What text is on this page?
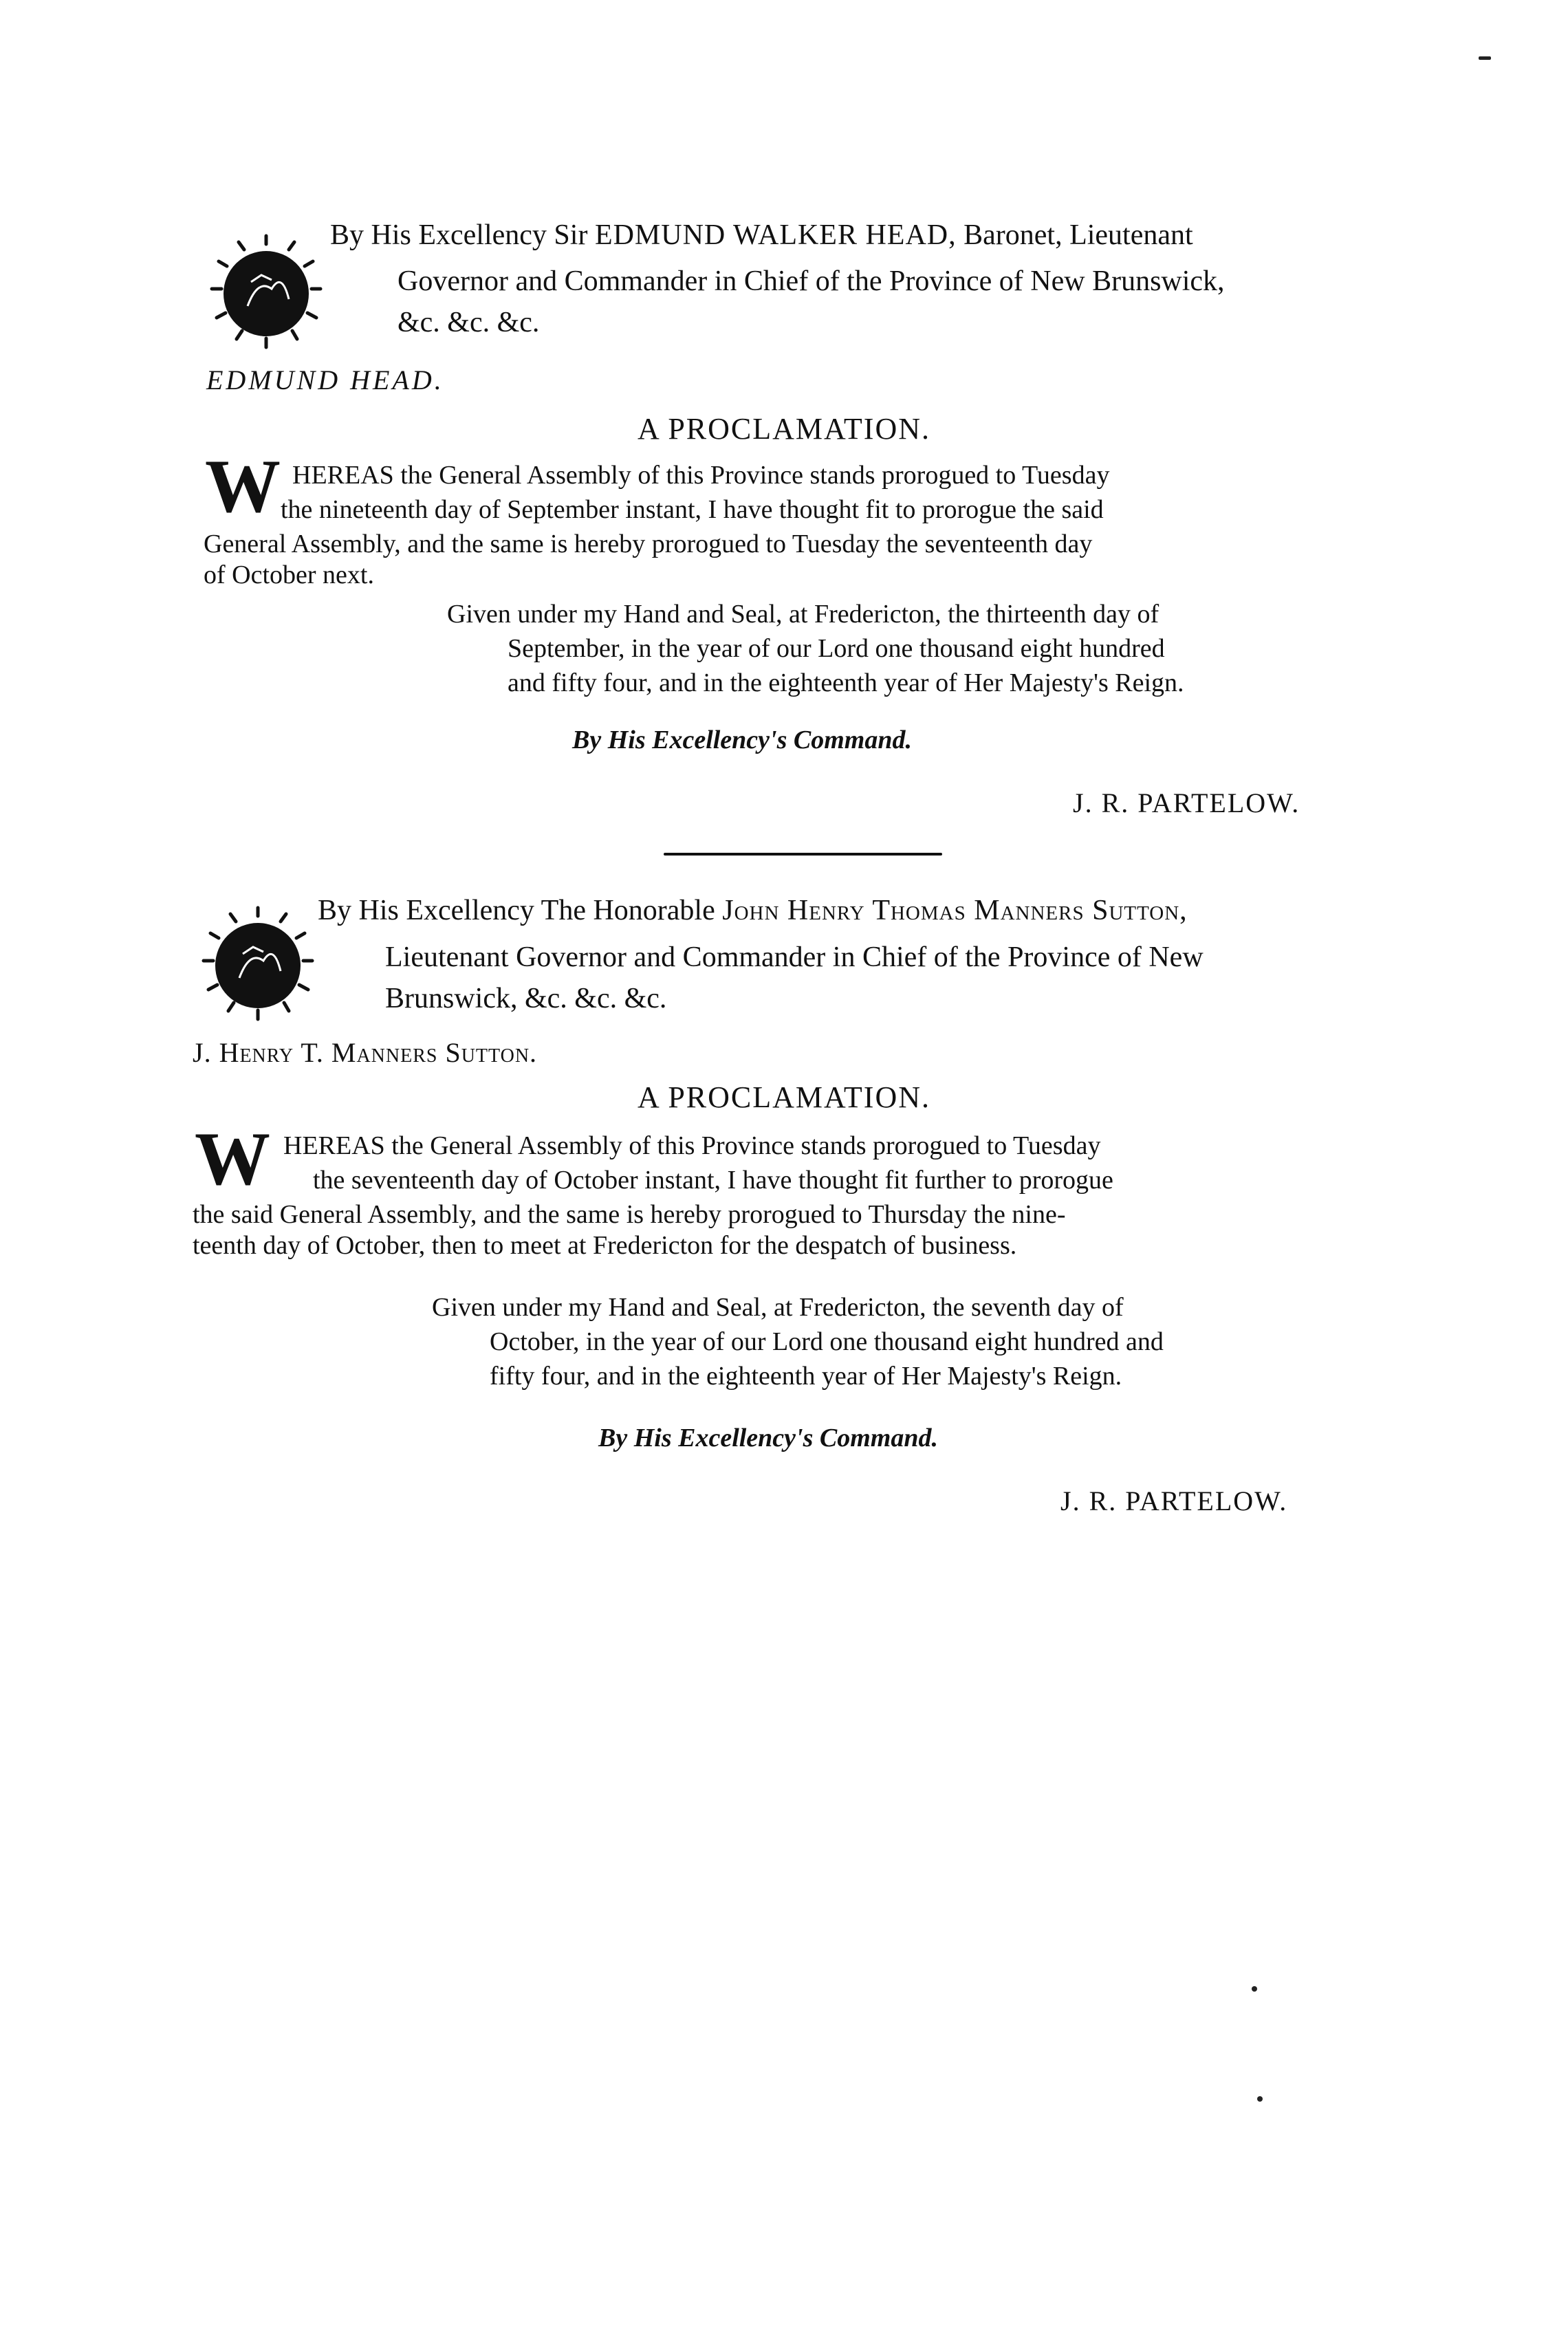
By His Excellency Sir EDMUND WALKER HEAD, Baronet, Lieutenant
Governor and Commander in Chief of the Province of New Brunswick,
&c. &c. &c.
EDMUND HEAD.
A PROCLAMATION.
W HEREAS the General Assembly of this Province stands prorogued to Tuesday
the nineteenth day of September instant, I have thought fit to prorogue the said
General Assembly, and the same is hereby prorogued to Tuesday the seventeenth day
of October next.
Given under my Hand and Seal, at Fredericton, the thirteenth day of
September, in the year of our Lord one thousand eight hundred
and fifty four, and in the eighteenth year of Her Majesty's Reign.
By His Excellency's Command.
J. R. PARTELOW.
By His Excellency The Honorable John Henry Thomas Manners Sutton,
Lieutenant Governor and Commander in Chief of the Province of New
Brunswick, &c. &c. &c.
J. Henry T. Manners Sutton.
A PROCLAMATION.
W HEREAS the General Assembly of this Province stands prorogued to Tuesday
the seventeenth day of October instant, I have thought fit further to prorogue
the said General Assembly, and the same is hereby prorogued to Thursday the nine-
teenth day of October, then to meet at Fredericton for the despatch of business.
Given under my Hand and Seal, at Fredericton, the seventh day of
October, in the year of our Lord one thousand eight hundred and
fifty four, and in the eighteenth year of Her Majesty's Reign.
By His Excellency's Command.
J. R. PARTELOW.
